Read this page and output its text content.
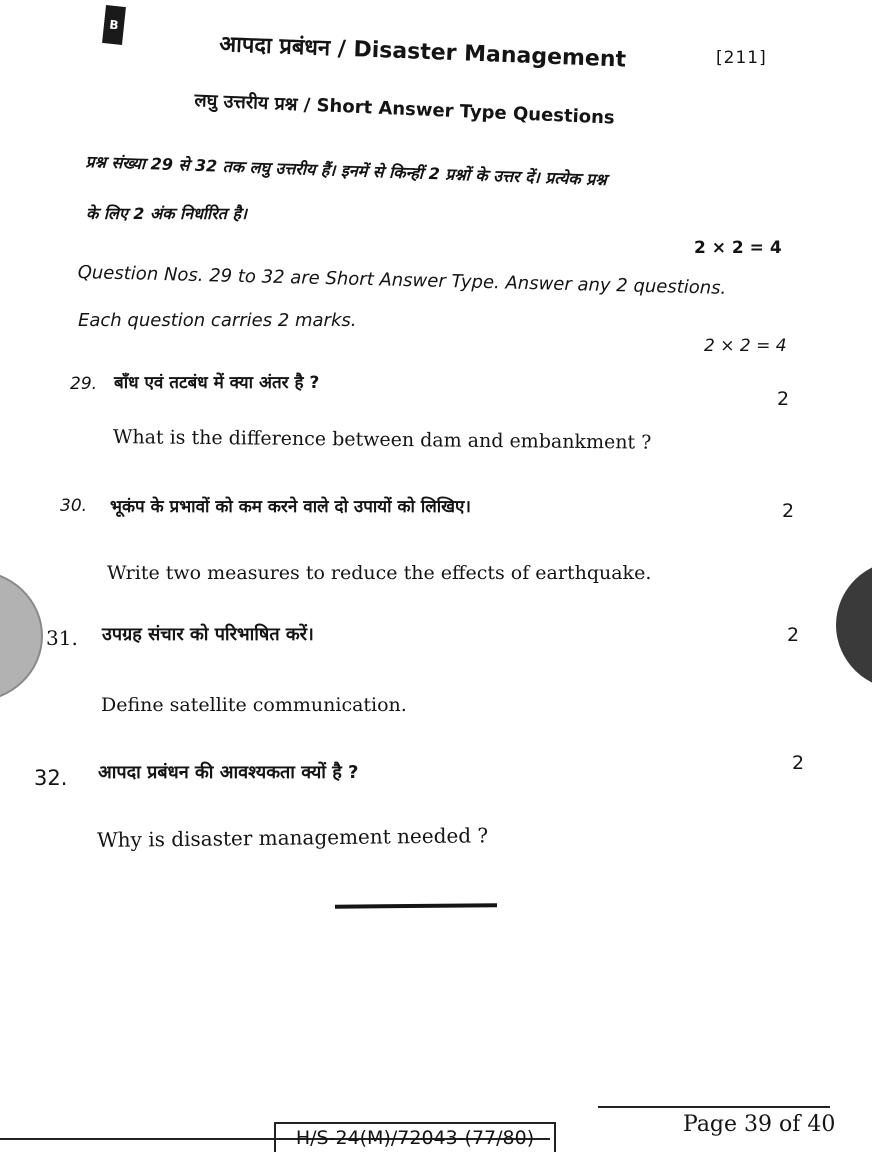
B
आपदा प्रबंधन / Disaster Management	[211]
लघु उत्तरीय प्रश्न / Short Answer Type Questions
प्रश्न संख्या 29 से 32 तक लघु उत्तरीय हैं। इनमें से किन्हीं 2 प्रश्नों के उत्तर दें। प्रत्येक प्रश्न
के लिए 2 अंक निर्धारित है।
2 × 2 = 4
Question Nos. 29 to 32 are Short Answer Type. Answer any 2 questions.
Each question carries 2 marks.
2 × 2 = 4
29. बाँध एवं तटबंध में क्या अंतर है ?
2
What is the difference between dam and embankment ?
30. भूकंप के प्रभावों को कम करने वाले दो उपायों को लिखिए।	2
Write two measures to reduce the effects of earthquake.
31. उपग्रह संचार को परिभाषित करें।	2
Define satellite communication.
32. आपदा प्रबंधन की आवश्यकता क्यों है ?	2
Why is disaster management needed ?
H/S-24(M)/72043-(77/80)
Page 39 of 40
